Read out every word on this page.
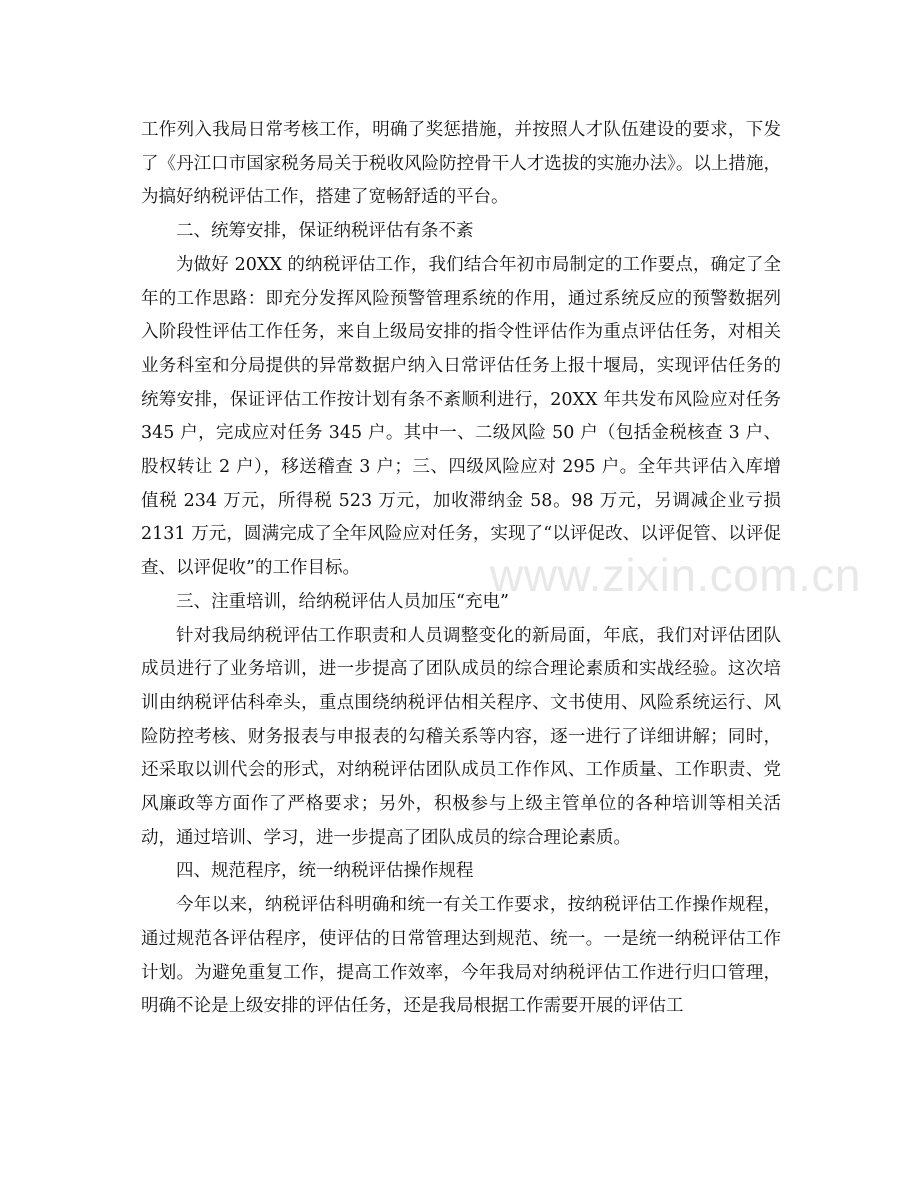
工作列入我局日常考核工作，明确了奖惩措施，并按照人才队伍建设的要求，下发了《丹江口市国家税务局关于税收风险防控骨干人才选拔的实施办法》。以上措施，为搞好纳税评估工作，搭建了宽畅舒适的平台。

二、统筹安排，保证纳税评估有条不紊

为做好 20XX 的纳税评估工作，我们结合年初市局制定的工作要点，确定了全年的工作思路：即充分发挥风险预警管理系统的作用，通过系统反应的预警数据列入阶段性评估工作任务，来自上级局安排的指令性评估作为重点评估任务，对相关业务科室和分局提供的异常数据户纳入日常评估任务上报十堰局，实现评估任务的统筹安排，保证评估工作按计划有条不紊顺利进行，20XX 年共发布风险应对任务 345 户，完成应对任务 345 户。其中一、二级风险 50 户（包括金税核查 3 户、股权转让 2 户），移送稽查 3 户；三、四级风险应对 295 户。全年共评估入库增值税 234 万元，所得税 523 万元，加收滞纳金 58。98 万元，另调减企业亏损 2131 万元，圆满完成了全年风险应对任务，实现了“以评促改、以评促管、以评促查、以评促收”的工作目标。

三、注重培训，给纳税评估人员加压“充电”

针对我局纳税评估工作职责和人员调整变化的新局面，年底，我们对评估团队成员进行了业务培训，进一步提高了团队成员的综合理论素质和实战经验。这次培训由纳税评估科牵头，重点围绕纳税评估相关程序、文书使用、风险系统运行、风险防控考核、财务报表与申报表的勾稽关系等内容，逐一进行了详细讲解；同时，还采取以训代会的形式，对纳税评估团队成员工作作风、工作质量、工作职责、党风廉政等方面作了严格要求；另外，积极参与上级主管单位的各种培训等相关活动，通过培训、学习，进一步提高了团队成员的综合理论素质。

四、规范程序，统一纳税评估操作规程

今年以来，纳税评估科明确和统一有关工作要求，按纳税评估工作操作规程，通过规范各评估程序，使评估的日常管理达到规范、统一。一是统一纳税评估工作计划。为避免重复工作，提高工作效率，今年我局对纳税评估工作进行归口管理，明确不论是上级安排的评估任务，还是我局根据工作需要开展的评估工

www.zixin.com.cn
